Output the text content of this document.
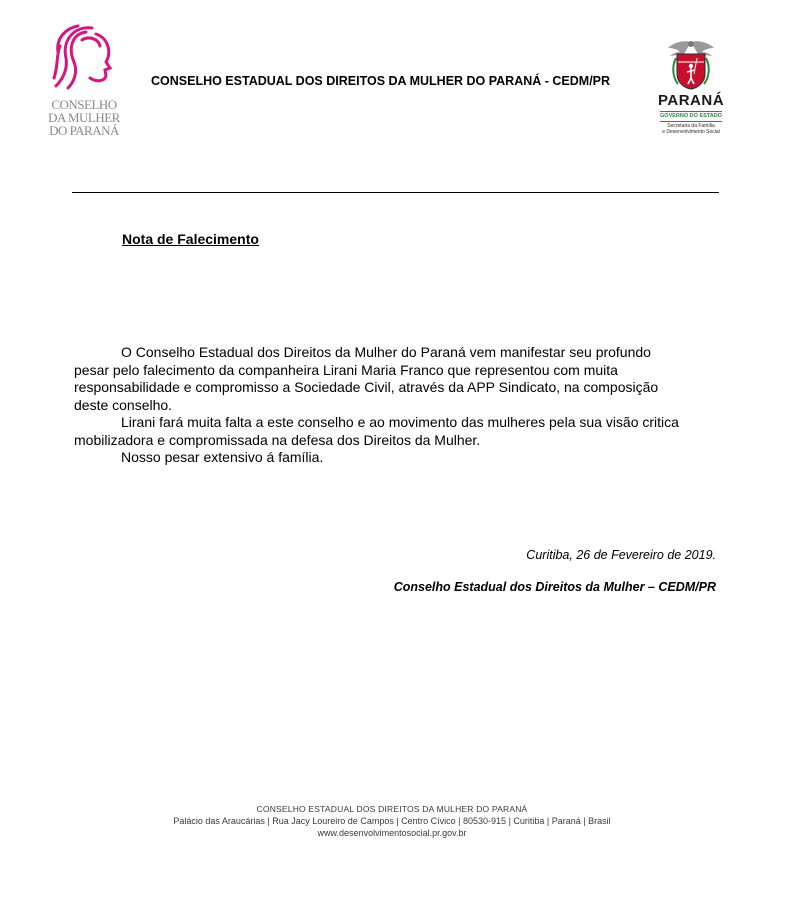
CONSELHO
DA MULHER
DO PARANÁ
CONSELHO ESTADUAL DOS DIREITOS DA MULHER DO PARANÁ - CEDM/PR
PARANÁ
GOVERNO DO ESTADO
Secretaria da Família
e Desenvolvimento Social
Nota de Falecimento

O Conselho Estadual dos Direitos da Mulher do Paraná vem manifestar seu profundo
pesar pelo falecimento da companheira Lirani Maria Franco que representou com muita
responsabilidade e compromisso a Sociedade Civil, através da APP Sindicato, na composição
deste conselho.

Lirani fará muita falta a este conselho e ao movimento das mulheres pela sua visão critica
mobilizadora e compromissada na defesa dos Direitos da Mulher.

Nosso pesar extensivo á família.

Curitiba, 26 de Fevereiro de 2019.
Conselho Estadual dos Direitos da Mulher – CEDM/PR
CONSELHO ESTADUAL DOS DIREITOS DA MULHER DO PARANÁ
Palácio das Araucárias | Rua Jacy Loureiro de Campos | Centro Cívico | 80530-915 | Curitiba | Paraná | Brasil
www.desenvolvimentosocial.pr.gov.br
